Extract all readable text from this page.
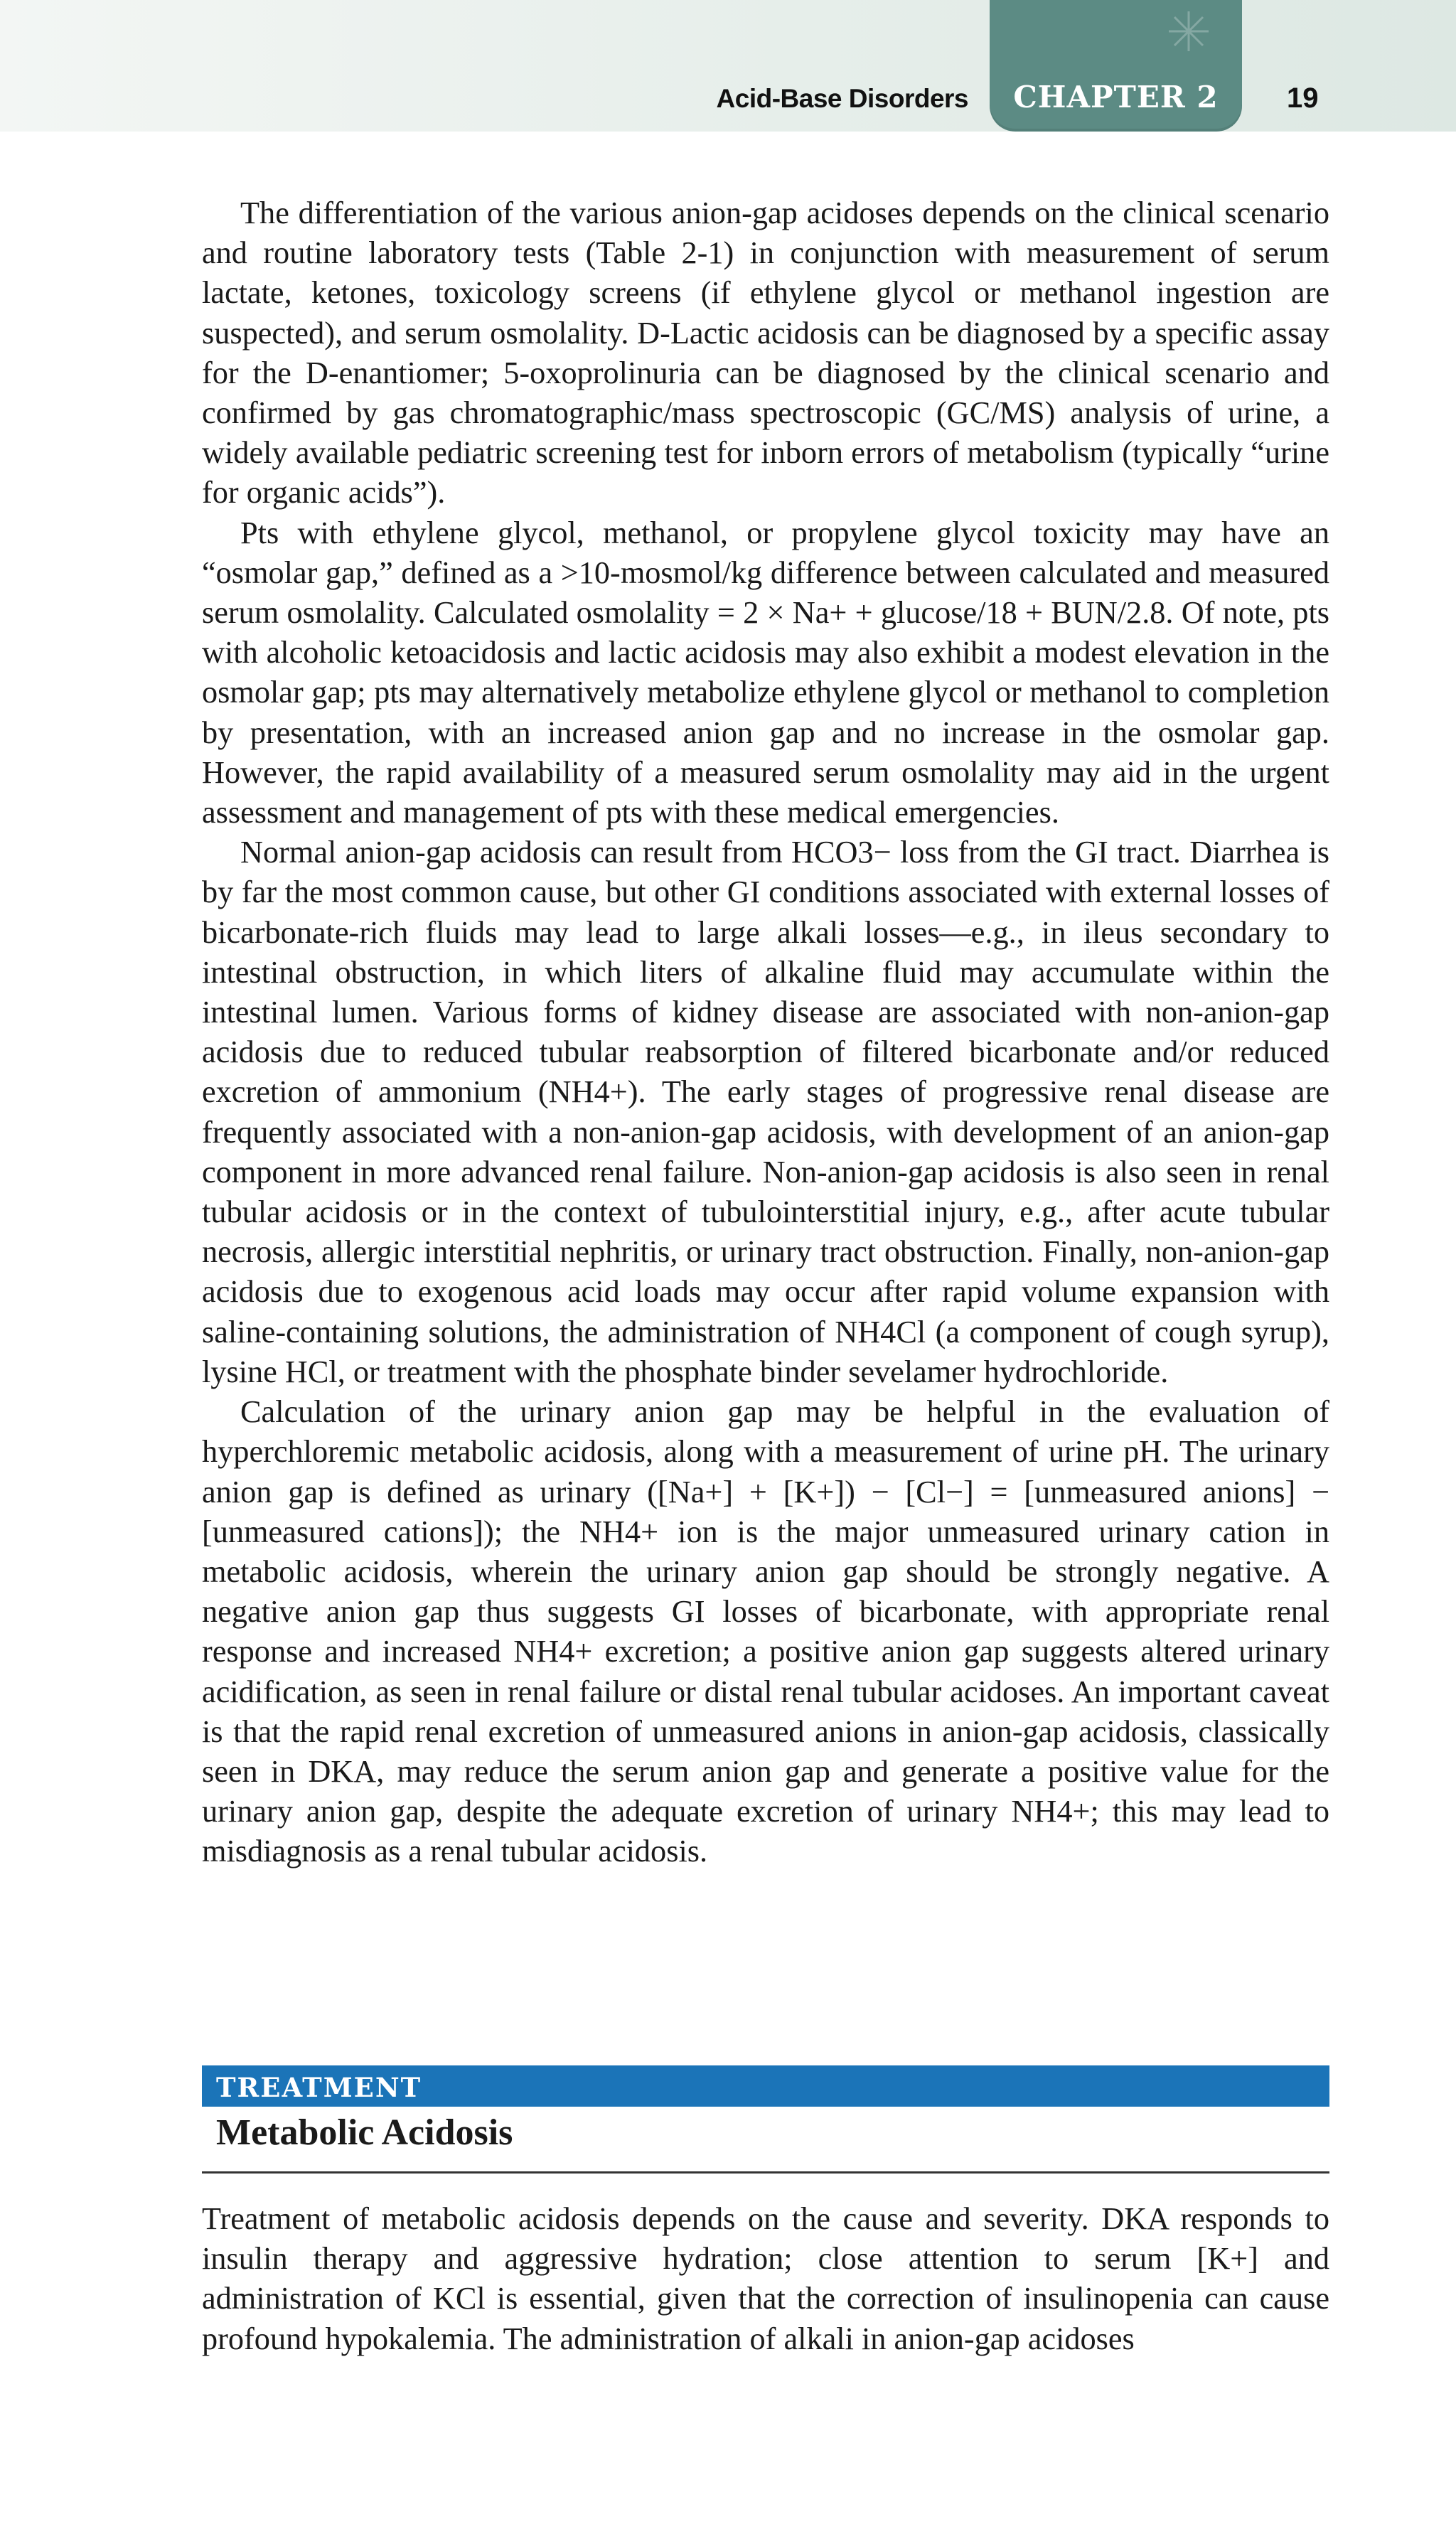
Acid-Base Disorders	CHAPTER 2	19

The differentiation of the various anion-gap acidoses depends on the clinical scenario and routine laboratory tests (Table 2-1) in conjunction with measurement of serum lactate, ketones, toxicology screens (if ethylene glycol or methanol ingestion are suspected), and serum osmolality. D-Lactic acidosis can be diagnosed by a specific assay for the D-enantiomer; 5-oxoprolinuria can be diagnosed by the clinical scenario and confirmed by gas chromatographic/mass spectroscopic (GC/MS) analysis of urine, a widely available pediatric screening test for inborn errors of metabolism (typically “urine for organic acids”).

Pts with ethylene glycol, methanol, or propylene glycol toxicity may have an “osmolar gap,” defined as a >10-mosmol/kg difference between calculated and measured serum osmolality. Calculated osmolality = 2 × Na+ + glucose/18 + BUN/2.8. Of note, pts with alcoholic ketoacidosis and lactic acidosis may also exhibit a modest elevation in the osmolar gap; pts may alternatively metabolize ethylene glycol or methanol to completion by presentation, with an increased anion gap and no increase in the osmolar gap. However, the rapid availability of a measured serum osmolality may aid in the urgent assessment and management of pts with these medical emergencies.

Normal anion-gap acidosis can result from HCO3− loss from the GI tract. Diarrhea is by far the most common cause, but other GI conditions associated with external losses of bicarbonate-rich fluids may lead to large alkali losses—e.g., in ileus secondary to intestinal obstruction, in which liters of alkaline fluid may accumulate within the intestinal lumen. Various forms of kidney disease are associated with non-anion-gap acidosis due to reduced tubular reabsorption of filtered bicarbonate and/or reduced excretion of ammonium (NH4+). The early stages of progressive renal disease are frequently associated with a non-anion-gap acidosis, with development of an anion-gap component in more advanced renal failure. Non-anion-gap acidosis is also seen in renal tubular acidosis or in the context of tubulointerstitial injury, e.g., after acute tubular necrosis, allergic interstitial nephritis, or urinary tract obstruction. Finally, non-anion-gap acidosis due to exogenous acid loads may occur after rapid volume expansion with saline-containing solutions, the administration of NH4Cl (a component of cough syrup), lysine HCl, or treatment with the phosphate binder sevelamer hydrochloride.

Calculation of the urinary anion gap may be helpful in the evaluation of hyperchloremic metabolic acidosis, along with a measurement of urine pH. The urinary anion gap is defined as urinary ([Na+] + [K+]) − [Cl−] = [unmeasured anions] − [unmeasured cations]); the NH4+ ion is the major unmeasured urinary cation in metabolic acidosis, wherein the urinary anion gap should be strongly negative. A negative anion gap thus suggests GI losses of bicarbonate, with appropriate renal response and increased NH4+ excretion; a positive anion gap suggests altered urinary acidification, as seen in renal failure or distal renal tubular acidoses. An important caveat is that the rapid renal excretion of unmeasured anions in anion-gap acidosis, classically seen in DKA, may reduce the serum anion gap and generate a positive value for the urinary anion gap, despite the adequate excretion of urinary NH4+; this may lead to misdiagnosis as a renal tubular acidosis.

TREATMENT
Metabolic Acidosis

Treatment of metabolic acidosis depends on the cause and severity. DKA responds to insulin therapy and aggressive hydration; close attention to serum [K+] and administration of KCl is essential, given that the correction of insulinopenia can cause profound hypokalemia. The administration of alkali in anion-gap acidoses
